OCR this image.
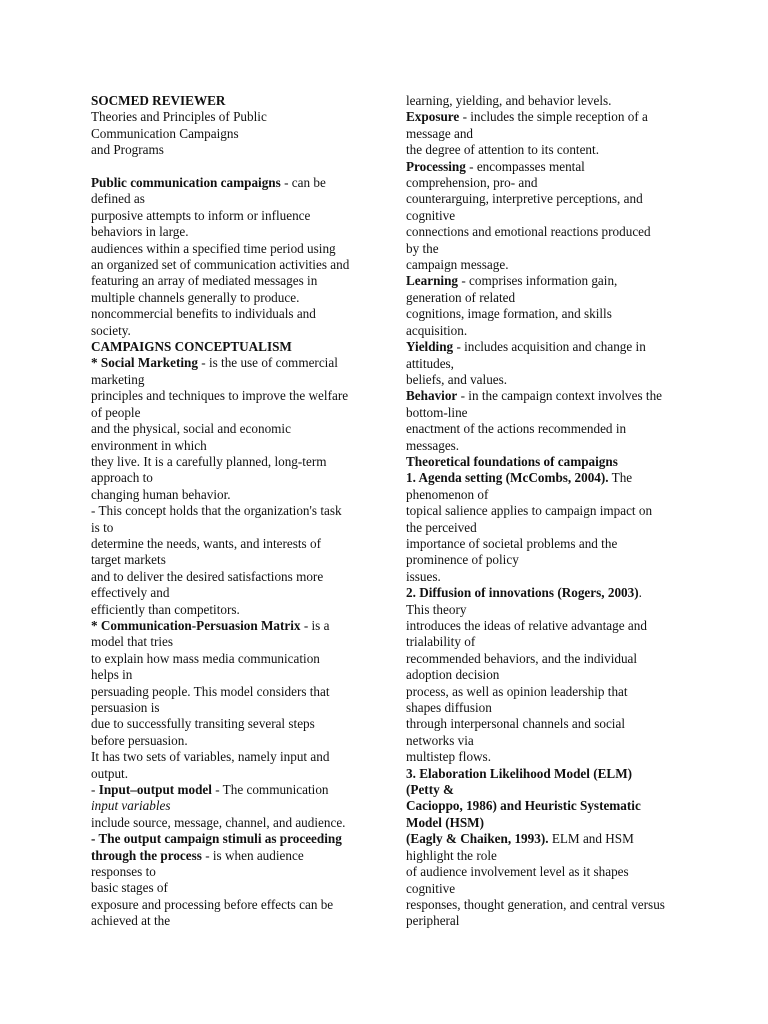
SOCMED REVIEWER
Theories and Principles of Public
Communication Campaigns
and Programs
Public communication campaigns - can be
defined as
purposive attempts to inform or influence
behaviors in large.
audiences within a specified time period using
an organized set of communication activities and
featuring an array of mediated messages in
multiple channels generally to produce.
noncommercial benefits to individuals and
society.
CAMPAIGNS CONCEPTUALISM
* Social Marketing - is the use of commercial
marketing
principles and techniques to improve the welfare
of people
and the physical, social and economic
environment in which
they live. It is a carefully planned, long-term
approach to
changing human behavior.
- This concept holds that the organization's task
is to
determine the needs, wants, and interests of
target markets
and to deliver the desired satisfactions more
effectively and
efficiently than competitors.
* Communication-Persuasion Matrix - is a
model that tries
to explain how mass media communication
helps in
persuading people. This model considers that
persuasion is
due to successfully transiting several steps
before persuasion.
It has two sets of variables, namely input and
output.
- Input–output model - The communication
input variables
include source, message, channel, and audience.
- The output campaign stimuli as proceeding
through the process - is when audience
responses to
basic stages of
exposure and processing before effects can be
achieved at the
learning, yielding, and behavior levels.
Exposure - includes the simple reception of a
message and
the degree of attention to its content.
Processing - encompasses mental
comprehension, pro- and
counterarguing, interpretive perceptions, and
cognitive
connections and emotional reactions produced
by the
campaign message.
Learning - comprises information gain,
generation of related
cognitions, image formation, and skills
acquisition.
Yielding - includes acquisition and change in
attitudes,
beliefs, and values.
Behavior - in the campaign context involves the
bottom-line
enactment of the actions recommended in
messages.
Theoretical foundations of campaigns
1. Agenda setting (McCombs, 2004). The
phenomenon of
topical salience applies to campaign impact on
the perceived
importance of societal problems and the
prominence of policy
issues.
2. Diffusion of innovations (Rogers, 2003).
This theory
introduces the ideas of relative advantage and
trialability of
recommended behaviors, and the individual
adoption decision
process, as well as opinion leadership that
shapes diffusion
through interpersonal channels and social
networks via
multistep flows.
3. Elaboration Likelihood Model (ELM)
(Petty &
Cacioppo, 1986) and Heuristic Systematic
Model (HSM)
(Eagly & Chaiken, 1993). ELM and HSM
highlight the role
of audience involvement level as it shapes
cognitive
responses, thought generation, and central versus
peripheral
